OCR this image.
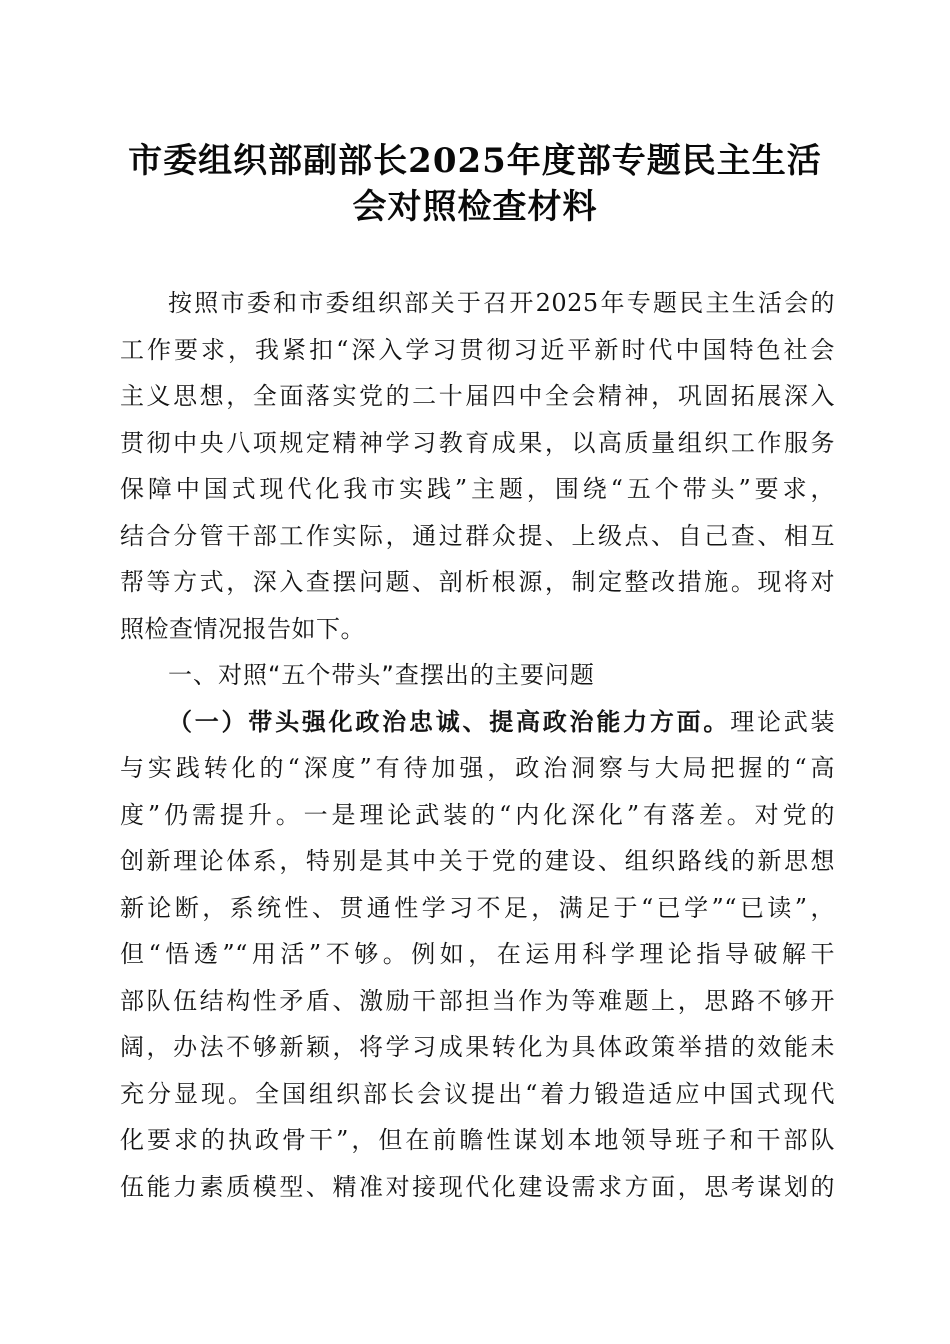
市委组织部副部长2025年度部专题民主生活
会对照检查材料
按照市委和市委组织部关于召开2025年专题民主生活会的
工作要求，我紧扣“深入学习贯彻习近平新时代中国特色社会
主义思想，全面落实党的二十届四中全会精神，巩固拓展深入
贯彻中央八项规定精神学习教育成果，以高质量组织工作服务
保障中国式现代化我市实践”主题，围绕“五个带头”要求，
结合分管干部工作实际，通过群众提、上级点、自己查、相互
帮等方式，深入查摆问题、剖析根源，制定整改措施。现将对
照检查情况报告如下。
一、对照“五个带头”查摆出的主要问题
（一）带头强化政治忠诚、提高政治能力方面。理论武装
与实践转化的“深度”有待加强，政治洞察与大局把握的“高
度”仍需提升。一是理论武装的“内化深化”有落差。对党的
创新理论体系，特别是其中关于党的建设、组织路线的新思想
新论断，系统性、贯通性学习不足，满足于“已学”“已读”，
但“悟透”“用活”不够。例如，在运用科学理论指导破解干
部队伍结构性矛盾、激励干部担当作为等难题上，思路不够开
阔，办法不够新颖，将学习成果转化为具体政策举措的效能未
充分显现。全国组织部长会议提出“着力锻造适应中国式现代
化要求的执政骨干”，但在前瞻性谋划本地领导班子和干部队
伍能力素质模型、精准对接现代化建设需求方面，思考谋划的
